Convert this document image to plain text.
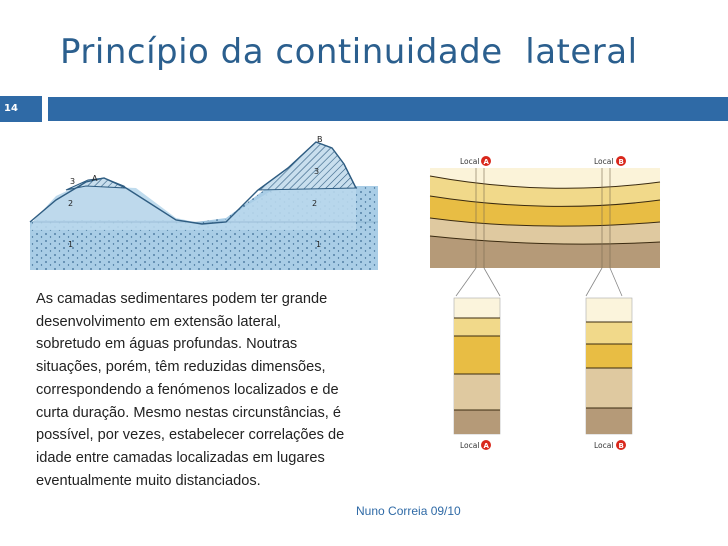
Princípio da continuidade  lateral
14
A
B
3
2
1
3
2
1
Local A	Local B
Local A	Local B
As camadas sedimentares podem ter grande
desenvolvimento em extensão lateral,
sobretudo em águas profundas. Noutras
situações, porém, têm reduzidas dimensões,
correspondendo a fenómenos localizados e de
curta duração. Mesmo nestas circunstâncias, é
possível, por vezes, estabelecer correlações de
idade entre camadas localizadas em lugares
eventualmente muito distanciados.
Nuno Correia 09/10
